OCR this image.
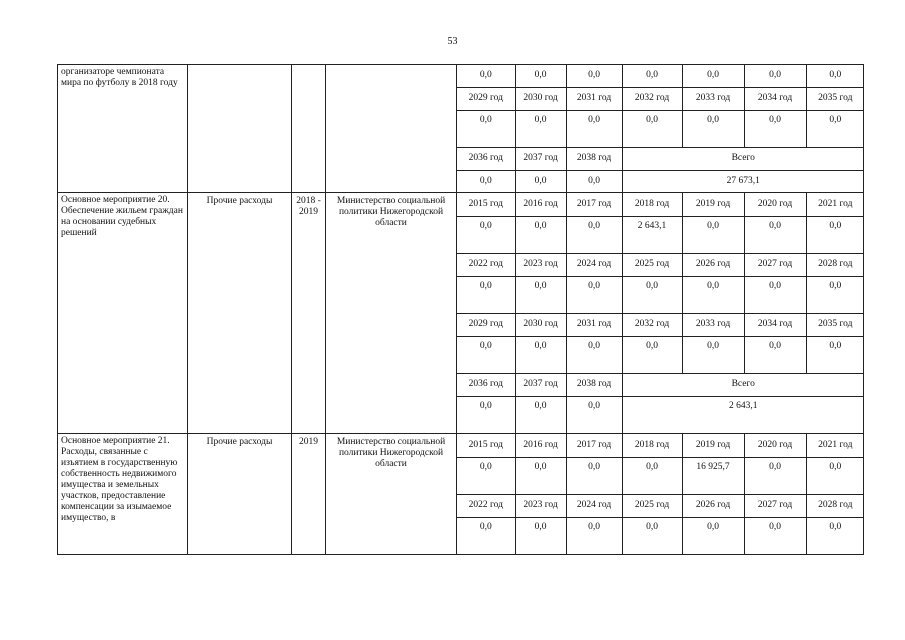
53
организаторе чемпионата мира по футболу в 2018 году				
0,0	0,0	0,0	0,0	0,0	0,0	0,0
2029 год	2030 год	2031 год	2032 год	2033 год	2034 год	2035 год
0,0	0,0	0,0	0,0	0,0	0,0	0,0
2036 год	2037 год	2038 год	Всего
0,0	0,0	0,0	27 673,1

Основное мероприятие 20. Обеспечение жильем граждан на основании судебных решений	Прочие расходы	2018 - 2019	Министерство социальной политики Нижегородской области	
2015 год	2016 год	2017 год	2018 год	2019 год	2020 год	2021 год
0,0	0,0	0,0	2 643,1	0,0	0,0	0,0
2022 год	2023 год	2024 год	2025 год	2026 год	2027 год	2028 год
0,0	0,0	0,0	0,0	0,0	0,0	0,0
2029 год	2030 год	2031 год	2032 год	2033 год	2034 год	2035 год
0,0	0,0	0,0	0,0	0,0	0,0	0,0
2036 год	2037 год	2038 год	Всего
0,0	0,0	0,0	2 643,1

Основное мероприятие 21. Расходы, связанные с изъятием в государственную собственность недвижимого имущества и земельных участков, предоставление компенсации за изымаемое имущество, в	Прочие расходы	2019	Министерство социальной политики Нижегородской области	
2015 год	2016 год	2017 год	2018 год	2019 год	2020 год	2021 год
0,0	0,0	0,0	0,0	16 925,7	0,0	0,0
2022 год	2023 год	2024 год	2025 год	2026 год	2027 год	2028 год
0,0	0,0	0,0	0,0	0,0	0,0	0,0
